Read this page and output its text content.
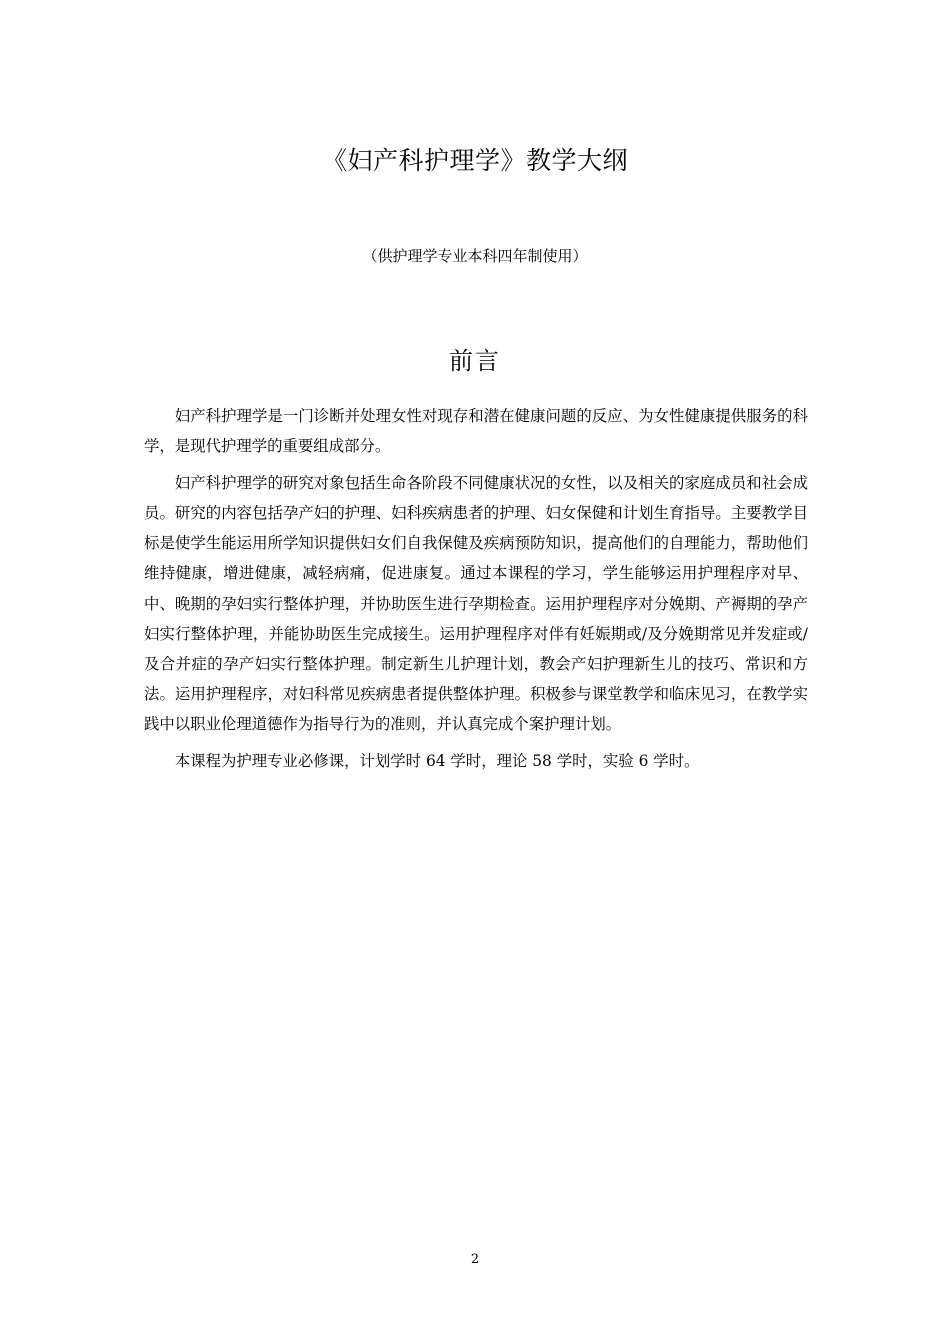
《妇产科护理学》教学大纲
（供护理学专业本科四年制使用）
前言

妇产科护理学是一门诊断并处理女性对现存和潜在健康问题的反应、为女性健康提供服务的科学，是现代护理学的重要组成部分。

妇产科护理学的研究对象包括生命各阶段不同健康状况的女性，以及相关的家庭成员和社会成员。研究的内容包括孕产妇的护理、妇科疾病患者的护理、妇女保健和计划生育指导。主要教学目标是使学生能运用所学知识提供妇女们自我保健及疾病预防知识，提高他们的自理能力，帮助他们维持健康，增进健康，减轻病痛，促进康复。通过本课程的学习，学生能够运用护理程序对早、中、晚期的孕妇实行整体护理，并协助医生进行孕期检查。运用护理程序对分娩期、产褥期的孕产妇实行整体护理，并能协助医生完成接生。运用护理程序对伴有妊娠期或/及分娩期常见并发症或/及合并症的孕产妇实行整体护理。制定新生儿护理计划，教会产妇护理新生儿的技巧、常识和方法。运用护理程序，对妇科常见疾病患者提供整体护理。积极参与课堂教学和临床见习，在教学实践中以职业伦理道德作为指导行为的准则，并认真完成个案护理计划。

本课程为护理专业必修课，计划学时 64 学时，理论 58 学时，实验 6 学时。

2
